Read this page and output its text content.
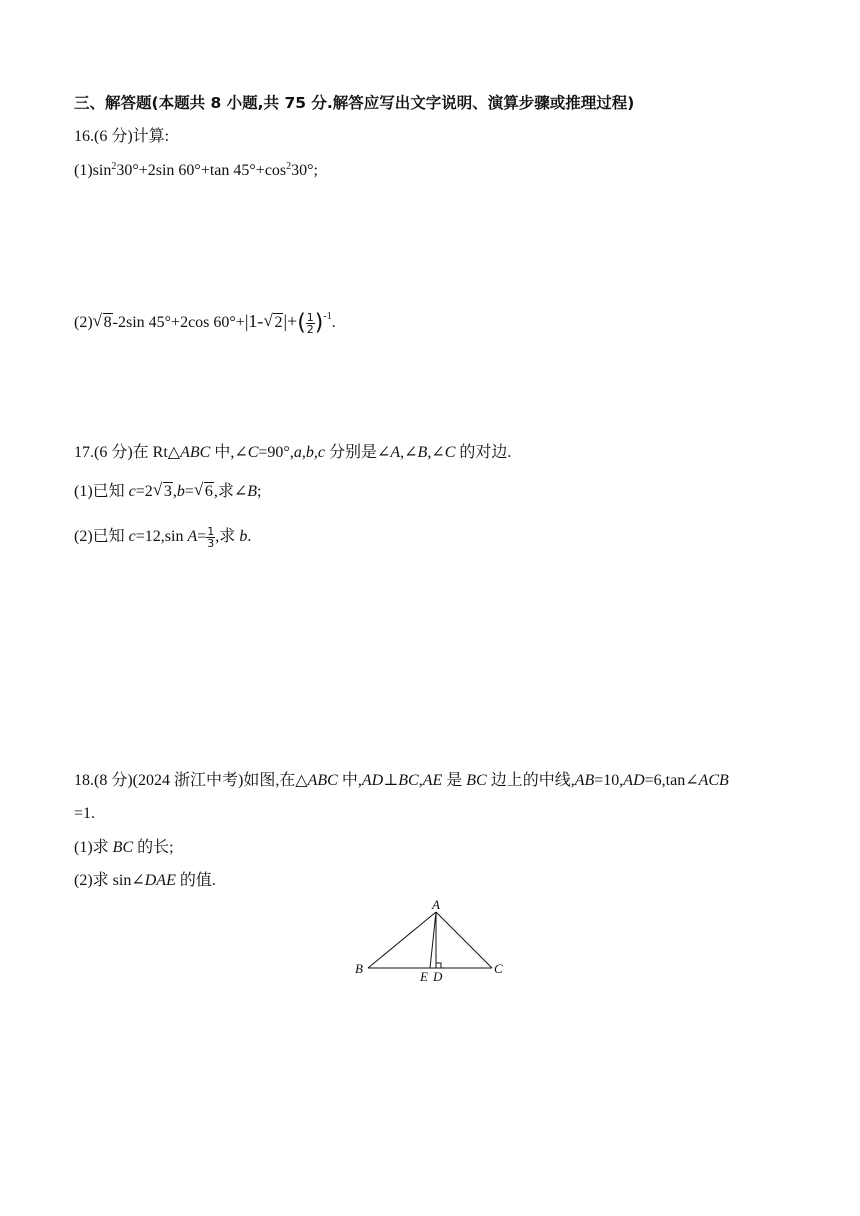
三、解答题(本题共 8 小题,共 75 分.解答应写出文字说明、演算步骤或推理过程)
16.(6 分)计算:
$(1)\sin^230^\circ+2\sin$ 60°+tan $45^\circ+\cos^230^\circ$;
(2) √ 8-2sin 45°+2cos 60°+|1- √ $2|+( \frac{1}{2} )^{-1}$.
17.(6 分)在 Rt△ABC 中,∠C=90°,a,b,c 分别是∠A,∠B,∠C 的对边.
(1)已知 c=2 √ 3,b= √ 6,求∠B;
(2)已知 c=12,sin $A= \frac{1}{3}$ ,求 b.
18.(8 分)(2024 浙江中考)如图,在△ABC 中,AD⊥BC,AE 是 BC 边上的中线,AB=10,AD=6,tan∠ACB
=1.
(1)求 BC 的长;
(2)求 sin∠DAE 的值.
A
B	C
D
E
